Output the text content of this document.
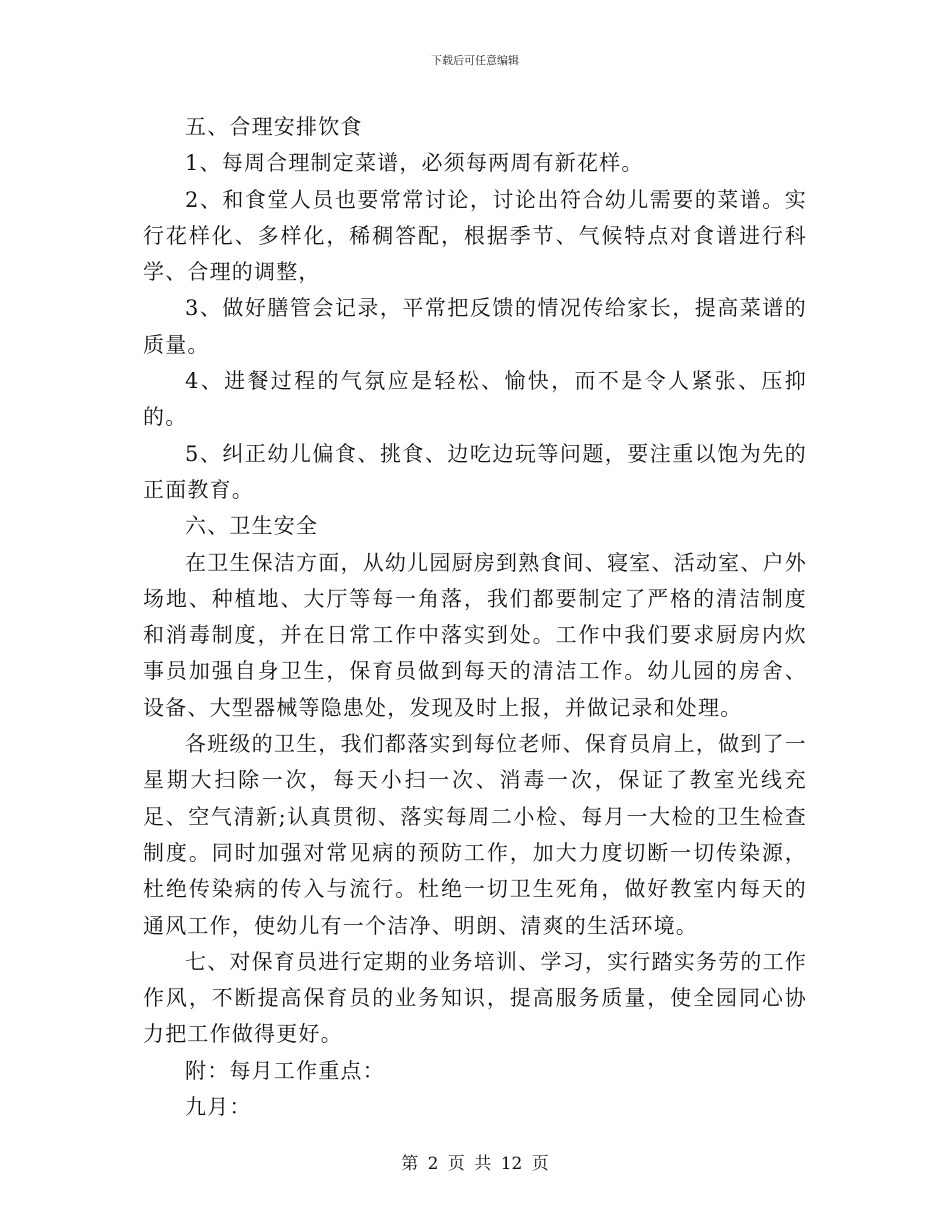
下载后可任意编辑

五、合理安排饮食

1、每周合理制定菜谱，必须每两周有新花样。

2、和食堂人员也要常常讨论，讨论出符合幼儿需要的菜谱。实行花样化、多样化，稀稠答配，根据季节、气候特点对食谱进行科学、合理的调整，

3、做好膳管会记录，平常把反馈的情况传给家长，提高菜谱的质量。

4、进餐过程的气氛应是轻松、愉快，而不是令人紧张、压抑的。

5、纠正幼儿偏食、挑食、边吃边玩等问题，要注重以饱为先的正面教育。

六、卫生安全

在卫生保洁方面，从幼儿园厨房到熟食间、寝室、活动室、户外场地、种植地、大厅等每一角落，我们都要制定了严格的清洁制度和消毒制度，并在日常工作中落实到处。工作中我们要求厨房内炊事员加强自身卫生，保育员做到每天的清洁工作。幼儿园的房舍、设备、大型器械等隐患处，发现及时上报，并做记录和处理。

各班级的卫生，我们都落实到每位老师、保育员肩上，做到了一星期大扫除一次，每天小扫一次、消毒一次，保证了教室光线充足、空气清新;认真贯彻、落实每周二小检、每月一大检的卫生检查制度。同时加强对常见病的预防工作，加大力度切断一切传染源，杜绝传染病的传入与流行。杜绝一切卫生死角，做好教室内每天的通风工作，使幼儿有一个洁净、明朗、清爽的生活环境。

七、对保育员进行定期的业务培训、学习，实行踏实务劳的工作作风，不断提高保育员的业务知识，提高服务质量，使全园同心协力把工作做得更好。

附：每月工作重点：

九月：

第 2 页 共 12 页
